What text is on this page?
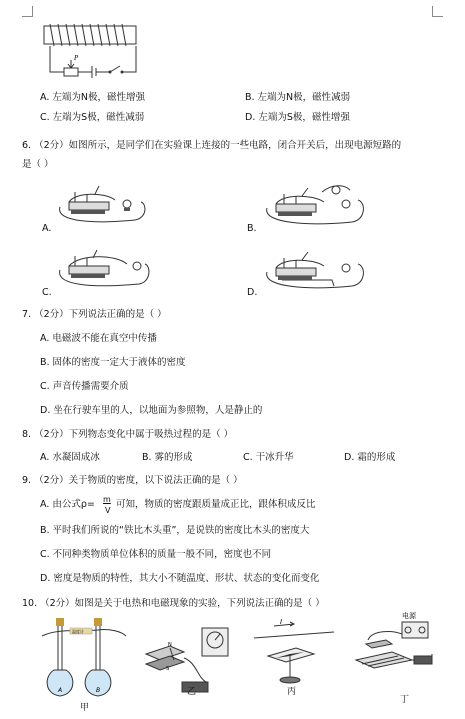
P
A. 左端为N极，磁性增强	B. 左端为N极，磁性减弱
C. 左端为S极，磁性减弱	D. 左端为S极，磁性增强
6. （2分）如图所示，是同学们在实验课上连接的一些电路，闭合开关后，出现电源短路的
是（ ）
A.	B.
C.	D.
7. （2分）下列说法正确的是（ ）
A. 电磁波不能在真空中传播
B. 固体的密度一定大于液体的密度
C. 声音传播需要介质
D. 坐在行驶车里的人，以地面为参照物，人是静止的
8. （2分）下列物态变化中属于吸热过程的是（ ）
A. 水凝固成冰	B. 雾的形成	C. 干冰升华	D. 霜的形成
9. （2分）关于物质的密度，以下说法正确的是（ ）
A. 由公式ρ= m
V
可知，物质的密度跟质量成正比，跟体积成反比
B. 平时我们所说的“铁比木头重”，是说铁的密度比木头的密度大
C. 不同种类物质单位体积的质量一般不同，密度也不同
D. 密度是物质的特性，其大小不随温度、形状、状态的变化而变化
10. （2分）如图是关于电热和电磁现象的实验，下列说法正确的是（ ）
温度计
A	B
甲
N
S
乙
I
丙
电源
丁
